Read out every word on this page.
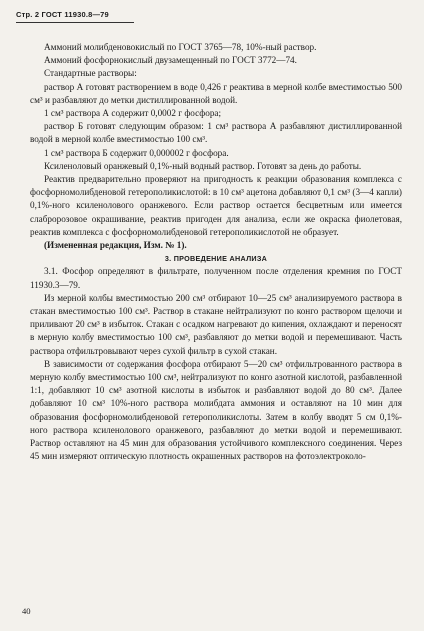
Стр. 2 ГОСТ 11930.8—79

Аммоний молибденовокислый по ГОСТ 3765—78, 10%-ный раствор.

Аммоний фосфорнокислый двузамещенный по ГОСТ 3772—74.

Стандартные растворы:

раствор А готовят растворением в воде 0,426 г реактива в мерной колбе вместимостью 500 см³ и разбавляют до метки дистиллированной водой.

1 см³ раствора А содержит 0,0002 г фосфора;

раствор Б готовят следующим образом: 1 см³ раствора А разбавляют дистиллированной водой в мерной колбе вместимостью 100 см³.

1 см³ раствора Б содержит 0,000002 г фосфора.

Ксиленоловый оранжевый 0,1%-ный водный раствор. Готовят за день до работы.

Реактив предварительно проверяют на пригодность к реакции образования комплекса с фосфорномолибденовой гетерополикислотой: в 10 см³ ацетона добавляют 0,1 см³ (3—4 капли) 0,1%-ного ксиленолового оранжевого. Если раствор остается бесцветным или имеется слабророзовое окрашивание, реактив пригоден для анализа, если же окраска фиолетовая, реактив комплекса с фосфорномолибденовой гетерополикислотой не образует.

(Измененная редакция, Изм. № 1).

3. ПРОВЕДЕНИЕ АНАЛИЗА

3.1. Фосфор определяют в фильтрате, полученном после отделения кремния по ГОСТ 11930.3—79.

Из мерной колбы вместимостью 200 см³ отбирают 10—25 см³ анализируемого раствора в стакан вместимостью 100 см³. Раствор в стакане нейтрализуют по конго раствором щелочи и приливают 20 см³ в избыток. Стакан с осадком нагревают до кипения, охлаждают и переносят в мерную колбу вместимостью 100 см³, разбавляют до метки водой и перемешивают. Часть раствора отфильтровывают через сухой фильтр в сухой стакан.

В зависимости от содержания фосфора отбирают 5—20 см³ отфильтрованного раствора в мерную колбу вместимостью 100 см³, нейтрализуют по конго азотной кислотой, разбавленной 1:1, добавляют 10 см³ азотной кислоты в избыток и разбавляют водой до 80 см³. Далее добавляют 10 см³ 10%-ного раствора молибдата аммония и оставляют на 10 мин для образования фосфорномолибденовой гетерополикислоты. Затем в колбу вводят 5 см 0,1%-ного раствора ксиленолового оранжевого, разбавляют до метки водой и перемешивают. Раствор оставляют на 45 мин для образования устойчивого комплексного соединения. Через 45 мин измеряют оптическую плотность окрашенных растворов на фотоэлектроколо-

40
